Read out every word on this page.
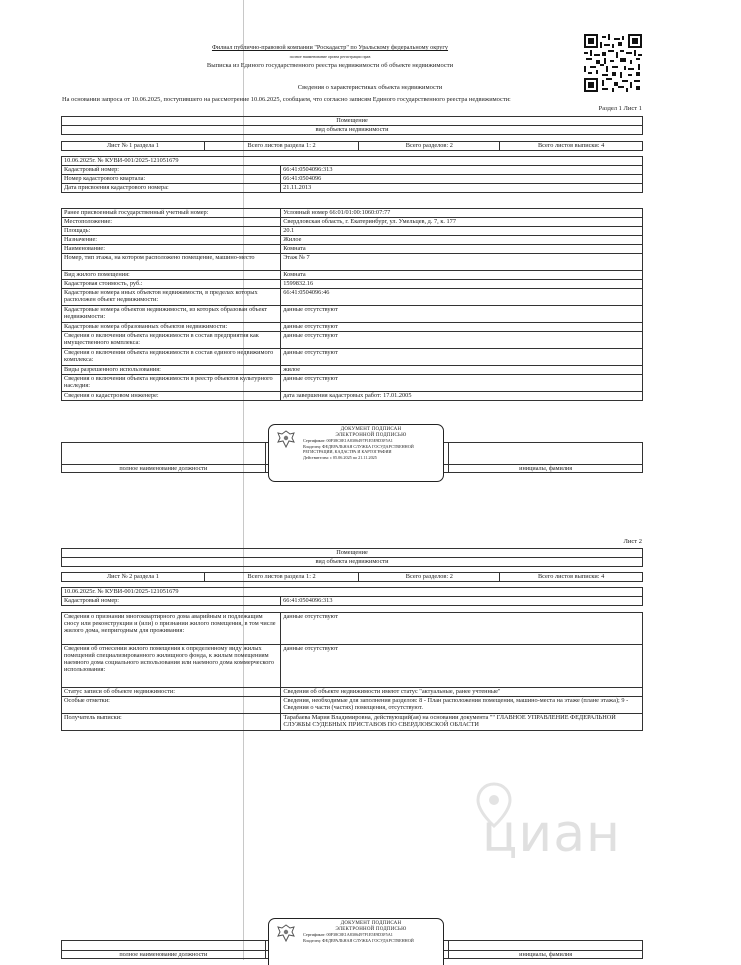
Филиал публично-правовой компании "Роскадастр" по Уральскому федеральному округу
полное наименование органа регистрации прав
Выписка из Единого государственного реестра недвижимости об объекте недвижимости
Сведения о характеристиках объекта недвижимости
На основании запроса от 10.06.2025, поступившего на рассмотрение 10.06.2025, сообщаем, что согласно записям Единого государственного реестра недвижимости:
Раздел 1 Лист 1
Помещение
вид объекта недвижимости
Лист № 1 раздела 1	Всего листов раздела 1: 2	Всего разделов: 2	Всего листов выписки: 4
10.06.2025г. № КУВИ-001/2025-121051679	
Кадастровый номер:	66:41:0504096:313
Номер кадастрового квартала:	66:41:0504096
Дата присвоения кадастрового номера:	21.11.2013
Ранее присвоенный государственный учетный номер:	Условный номер 66:01/01:00:1060:07:77
Местоположение:	Свердловская область, г. Екатеринбург, ул. Умельцев, д. 7, к. 177
Площадь:	20.1
Назначение:	Жилое
Наименование:	Комната
Номер, тип этажа, на котором расположено помещение, машино-место	Этаж № 7
Вид жилого помещения:	Комната
Кадастровая стоимость, руб.:	1599832.16
Кадастровые номера иных объектов недвижимости, в пределах которых расположен объект недвижимости:	66:41:0504096:46
Кадастровые номера объектов недвижимости, из которых образован объект недвижимости:	данные отсутствуют
Кадастровые номера образованных объектов недвижимости:	данные отсутствуют
Сведения о включении объекта недвижимости в состав предприятия как имущественного комплекса:	данные отсутствуют
Сведения о включении объекта недвижимости в состав единого недвижимого комплекса:	данные отсутствуют
Виды разрешенного использования:	жилое
Сведения о включении объекта недвижимости в реестр объектов культурного наследия:	данные отсутствуют
Сведения о кадастровом инженере:	дата завершения кадастровых работ: 17.01.2005

полное наименование должности		инициалы, фамилия
ДОКУМЕНТ ПОДПИСАН
ЭЛЕКТРОННОЙ ПОДПИСЬЮ
Сертификат: 00F38C0E1A8306497F1E5E9D3F5A1
Владелец: ФЕДЕРАЛЬНАЯ СЛУЖБА ГОСУДАРСТВЕННОЙ
РЕГИСТРАЦИИ, КАДАСТРА И КАРТОГРАФИИ
Действителен: с 05.06.2025 по 21.11.2025
Лист 2
Помещение
вид объекта недвижимости
Лист № 2 раздела 1	Всего листов раздела 1: 2	Всего разделов: 2	Всего листов выписки: 4
10.06.2025г. № КУВИ-001/2025-121051679
Кадастровый номер:	66:41:0504096:313
Сведения о признании многоквартирного дома аварийным и подлежащим сносу или реконструкции и (или) о признании жилого помещения, в том числе жилого дома, непригодным для проживания:	данные отсутствуют
Сведения об отнесении жилого помещения к определенному виду жилых помещений специализированного жилищного фонда, к жилым помещениям наемного дома социального использования или наемного дома коммерческого использования:	данные отсутствуют
Статус записи об объекте недвижимости:	Сведения об объекте недвижимости имеют статус "актуальные, ранее учтенные"
Особые отметки:	Сведения, необходимые для заполнения разделов: 8 - План расположения помещения, машино-места на этаже (плане этажа); 9 - Сведения о части (частях) помещения, отсутствуют.
Получатель выписки:	Тарабаева Мария Владимировна, действующий(ая) на основании документа "" ГЛАВНОЕ УПРАВЛЕНИЕ ФЕДЕРАЛЬНОЙ СЛУЖБЫ СУДЕБНЫХ ПРИСТАВОВ ПО СВЕРДЛОВСКОЙ ОБЛАСТИ
циан

полное наименование должности		инициалы, фамилия
ДОКУМЕНТ ПОДПИСАН
ЭЛЕКТРОННОЙ ПОДПИСЬЮ
Сертификат: 00F38C0E1A8306497F1E5E9D3F5A1
Владелец: ФЕДЕРАЛЬНАЯ СЛУЖБА ГОСУДАРСТВЕННОЙ
